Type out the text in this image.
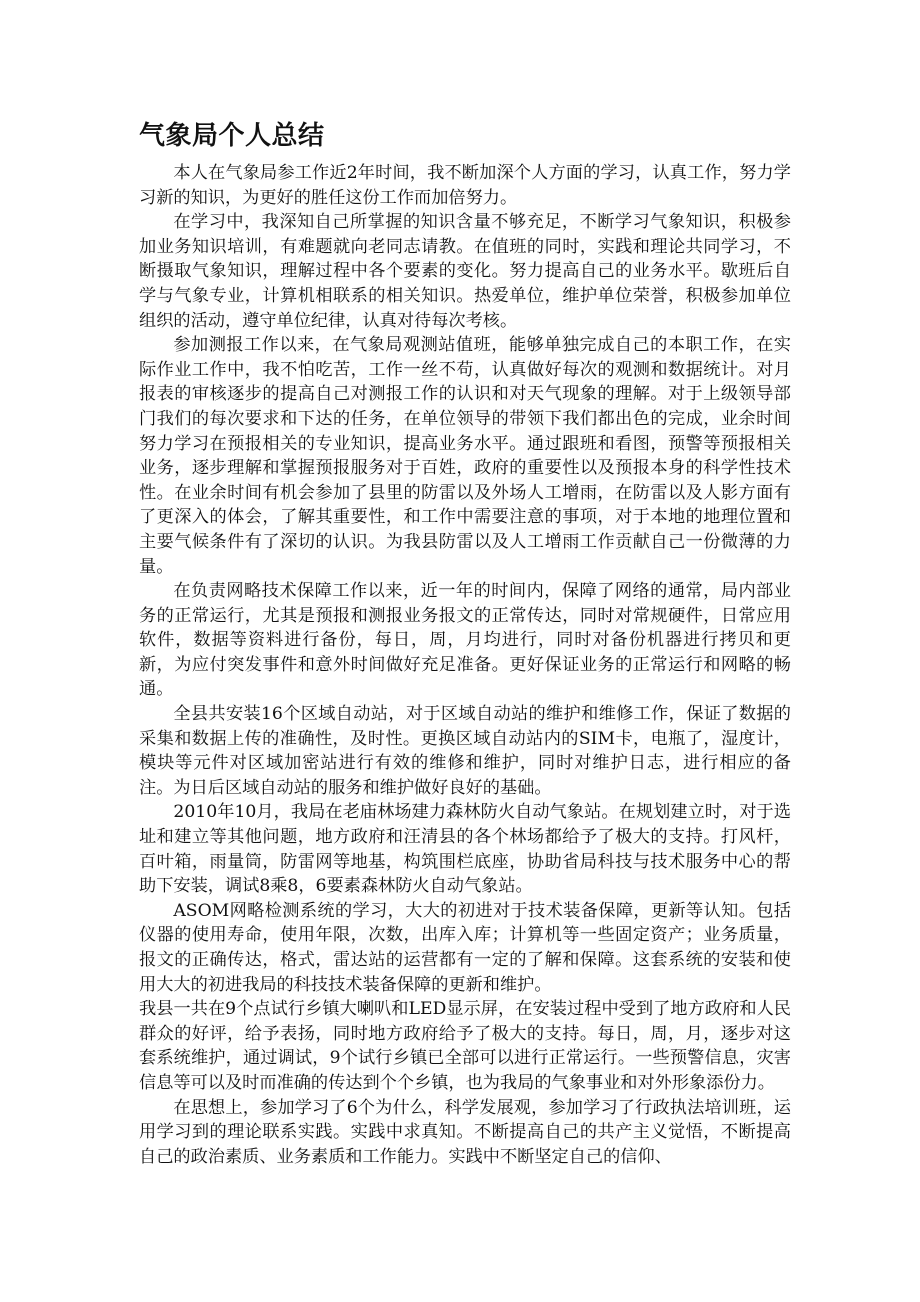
气象局个人总结

本人在气象局参工作近2年时间，我不断加深个人方面的学习，认真工作，努力学习新的知识，为更好的胜任这份工作而加倍努力。

在学习中，我深知自己所掌握的知识含量不够充足，不断学习气象知识，积极参加业务知识培训，有难题就向老同志请教。在值班的同时，实践和理论共同学习，不断摄取气象知识，理解过程中各个要素的变化。努力提高自己的业务水平。歇班后自学与气象专业，计算机相联系的相关知识。热爱单位，维护单位荣誉，积极参加单位组织的活动，遵守单位纪律，认真对待每次考核。

参加测报工作以来，在气象局观测站值班，能够单独完成自己的本职工作，在实际作业工作中，我不怕吃苦，工作一丝不苟，认真做好每次的观测和数据统计。对月报表的审核逐步的提高自己对测报工作的认识和对天气现象的理解。对于上级领导部门我们的每次要求和下达的任务，在单位领导的带领下我们都出色的完成，业余时间努力学习在预报相关的专业知识，提高业务水平。通过跟班和看图，预警等预报相关业务，逐步理解和掌握预报服务对于百姓，政府的重要性以及预报本身的科学性技术性。在业余时间有机会参加了县里的防雷以及外场人工增雨，在防雷以及人影方面有了更深入的体会，了解其重要性，和工作中需要注意的事项，对于本地的地理位置和主要气候条件有了深切的认识。为我县防雷以及人工增雨工作贡献自己一份微薄的力量。

在负责网略技术保障工作以来，近一年的时间内，保障了网络的通常，局内部业务的正常运行，尤其是预报和测报业务报文的正常传达，同时对常规硬件，日常应用软件，数据等资料进行备份，每日，周，月均进行，同时对备份机器进行拷贝和更新，为应付突发事件和意外时间做好充足准备。更好保证业务的正常运行和网略的畅通。

全县共安装16个区域自动站，对于区域自动站的维护和维修工作，保证了数据的采集和数据上传的准确性，及时性。更换区域自动站内的SIM卡，电瓶了，湿度计，模块等元件对区域加密站进行有效的维修和维护，同时对维护日志，进行相应的备注。为日后区域自动站的服务和维护做好良好的基础。

2010年10月，我局在老庙林场建力森林防火自动气象站。在规划建立时，对于选址和建立等其他问题，地方政府和汪清县的各个林场都给予了极大的支持。打风杆，百叶箱，雨量筒，防雷网等地基，构筑围栏底座，协助省局科技与技术服务中心的帮助下安装，调试8乘8，6要素森林防火自动气象站。

ASOM网略检测系统的学习，大大的初进对于技术装备保障，更新等认知。包括仪器的使用寿命，使用年限，次数，出库入库；计算机等一些固定资产；业务质量，报文的正确传达，格式，雷达站的运营都有一定的了解和保障。这套系统的安装和使用大大的初进我局的科技技术装备保障的更新和维护。

我县一共在9个点试行乡镇大喇叭和LED显示屏，在安装过程中受到了地方政府和人民群众的好评，给予表扬，同时地方政府给予了极大的支持。每日，周，月，逐步对这套系统维护，通过调试，9个试行乡镇已全部可以进行正常运行。一些预警信息，灾害信息等可以及时而准确的传达到个个乡镇，也为我局的气象事业和对外形象添份力。

在思想上，参加学习了6个为什么，科学发展观，参加学习了行政执法培训班，运用学习到的理论联系实践。实践中求真知。不断提高自己的共产主义觉悟，不断提高自己的政治素质、业务素质和工作能力。实践中不断坚定自己的信仰、
